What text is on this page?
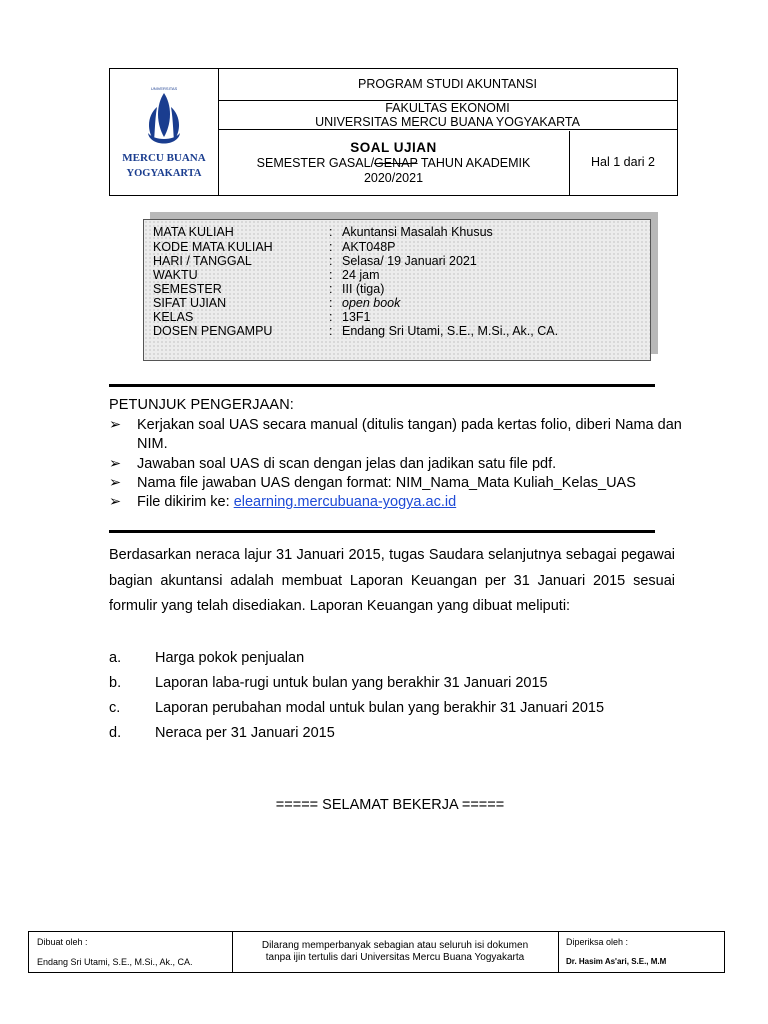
UNIVERSITAS
MERCU BUANA
YOGYAKARTA
PROGRAM STUDI AKUNTANSI
FAKULTAS EKONOMI
UNIVERSITAS MERCU BUANA YOGYAKARTA
SOAL UJIAN
SEMESTER GASAL/GENAP TAHUN AKADEMIK
2020/2021
Hal 1 dari 2
MATA KULIAH	: Akuntansi Masalah Khusus
KODE MATA KULIAH	: AKT048P
HARI / TANGGAL	: Selasa/ 19 Januari 2021
WAKTU	: 24 jam
SEMESTER	: III (tiga)
SIFAT UJIAN	: open book
KELAS	: 13F1
DOSEN PENGAMPU	: Endang Sri Utami, S.E., M.Si., Ak., CA.
PETUNJUK PENGERJAAN:
➢ Kerjakan soal UAS secara manual (ditulis tangan) pada kertas folio, diberi Nama dan NIM.
➢ Jawaban soal UAS di scan dengan jelas dan jadikan satu file pdf.
➢ Nama file jawaban UAS dengan format: NIM_Nama_Mata Kuliah_Kelas_UAS
➢ File dikirim ke: elearning.mercubuana-yogya.ac.id
Berdasarkan neraca lajur 31 Januari 2015, tugas Saudara selanjutnya sebagai pegawai bagian akuntansi adalah membuat Laporan Keuangan per 31 Januari 2015 sesuai formulir yang telah disediakan. Laporan Keuangan yang dibuat meliputi:
a. Harga pokok penjualan
b. Laporan laba-rugi untuk bulan yang berakhir 31 Januari 2015
c. Laporan perubahan modal untuk bulan yang berakhir 31 Januari 2015
d. Neraca per 31 Januari 2015
===== SELAMAT BEKERJA =====
Dibuat oleh :
Endang Sri Utami, S.E., M.Si., Ak., CA.
Dilarang memperbanyak sebagian atau seluruh isi dokumen
tanpa ijin tertulis dari Universitas Mercu Buana Yogyakarta
Diperiksa oleh :
Dr. Hasim As'ari, S.E., M.M
